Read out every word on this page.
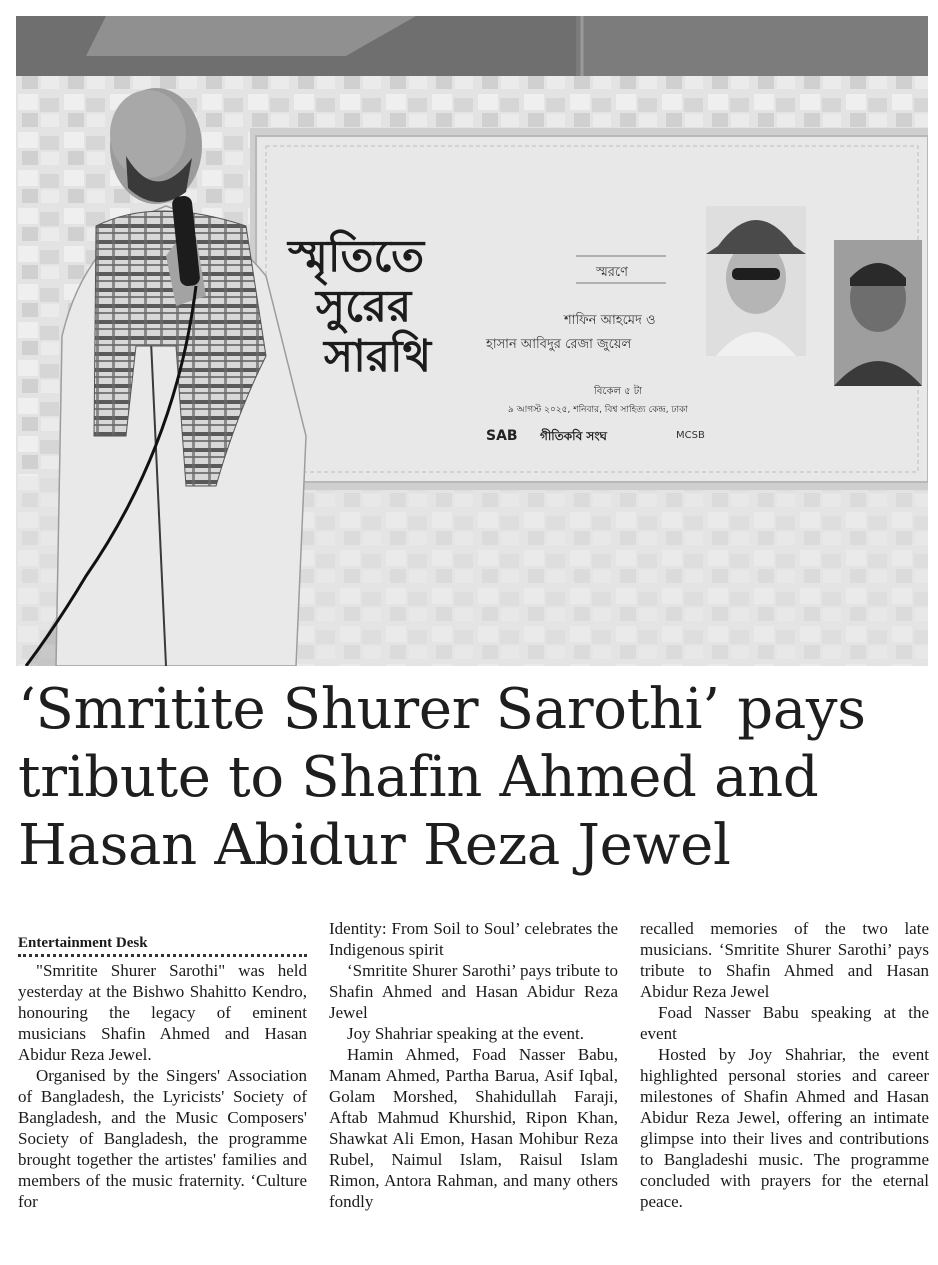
স্মৃতিতে
সুরের
সারথি
স্মরণে
শাফিন আহমেদ ও
হাসান আবিদুর রেজা জুয়েল
বিকেল ৫ টা
৯ আগস্ট ২০২৫, শনিবার, বিশ্ব সাহিত্য কেন্দ্র, ঢাকা
SAB গীতিকবি সংঘ	MCSB
‘Smritite Shurer Sarothi’ pays tribute to Shafin Ahmed and Hasan Abidur Reza Jewel
Entertainment Desk

"Smritite Shurer Sarothi" was held yesterday at the Bishwo Shahitto Kendro, honouring the legacy of eminent musicians Shafin Ahmed and Hasan Abidur Reza Jewel.

Organised by the Singers' Association of Bangladesh, the Lyricists' Society of Bangladesh, and the Music Composers' Society of Bangladesh, the programme brought together the artistes' families and members of the music fraternity. ‘Culture for

Identity: From Soil to Soul’ celebrates the Indigenous spirit

‘Smritite Shurer Sarothi’ pays tribute to Shafin Ahmed and Hasan Abidur Reza Jewel

Joy Shahriar speaking at the event.

Hamin Ahmed, Foad Nasser Babu, Manam Ahmed, Partha Barua, Asif Iqbal, Golam Morshed, Shahidullah Faraji, Aftab Mahmud Khurshid, Ripon Khan, Shawkat Ali Emon, Hasan Mohibur Reza Rubel, Naimul Islam, Raisul Islam Rimon, Antora Rahman, and many others fondly

recalled memories of the two late musicians. ‘Smritite Shurer Sarothi’ pays tribute to Shafin Ahmed and Hasan Abidur Reza Jewel

Foad Nasser Babu speaking at the event

Hosted by Joy Shahriar, the event highlighted personal stories and career milestones of Shafin Ahmed and Hasan Abidur Reza Jewel, offering an intimate glimpse into their lives and contributions to Bangladeshi music. The programme concluded with prayers for the eternal peace.
